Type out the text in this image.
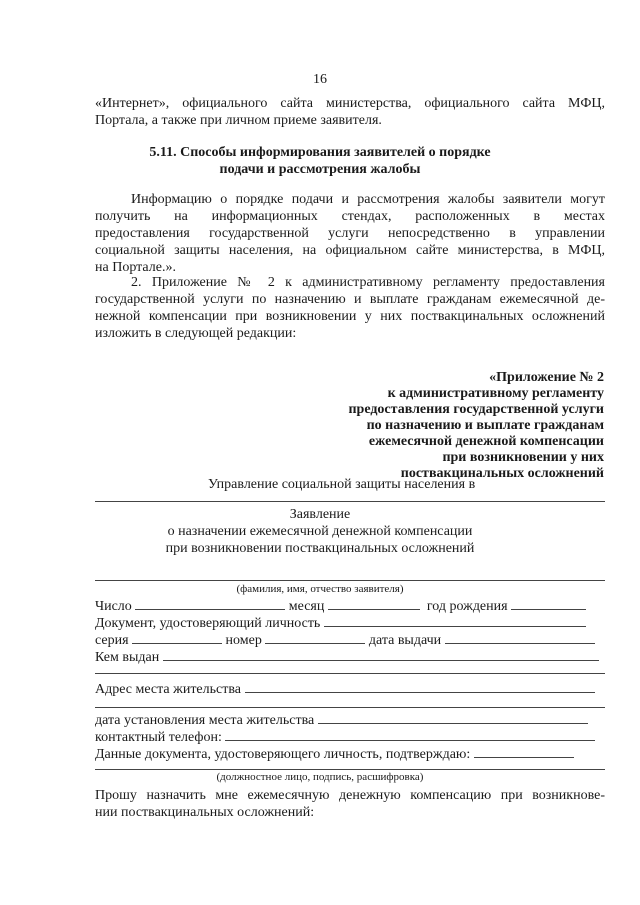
16
«Интернет», официального сайта министерства, официального сайта МФЦ,
Портала, а также при личном приеме заявителя.
5.11. Способы информирования заявителей о порядке
подачи и рассмотрения жалобы
Информацию о порядке подачи и рассмотрения жалобы заявители могут
получить на информационных стендах, расположенных в местах
предоставления государственной услуги непосредственно в управлении
социальной защиты населения, на официальном сайте министерства, в МФЦ,
на Портале.».
2. Приложение № 2 к административному регламенту предоставления
государственной услуги по назначению и выплате гражданам ежемесячной де-
нежной компенсации при возникновении у них поствакцинальных осложнений
изложить в следующей редакции:
«Приложение № 2
к административному регламенту
предоставления государственной услуги
по назначению и выплате гражданам
ежемесячной денежной компенсации
при возникновении у них
поствакцинальных осложнений
Управление социальной защиты населения в
Заявление
о назначении ежемесячной денежной компенсации
при возникновении поствакцинальных осложнений
(фамилия, имя, отчество заявителя)
Число	месяц	год рождения
Документ, удостоверяющий личность
серия	номер	дата выдачи
Кем выдан
Адрес места жительства
дата установления места жительства
контактный телефон:
Данные документа, удостоверяющего личность, подтверждаю:
(должностное лицо, подпись, расшифровка)
Прошу назначить мне ежемесячную денежную компенсацию при возникнове-
нии поствакцинальных осложнений:
